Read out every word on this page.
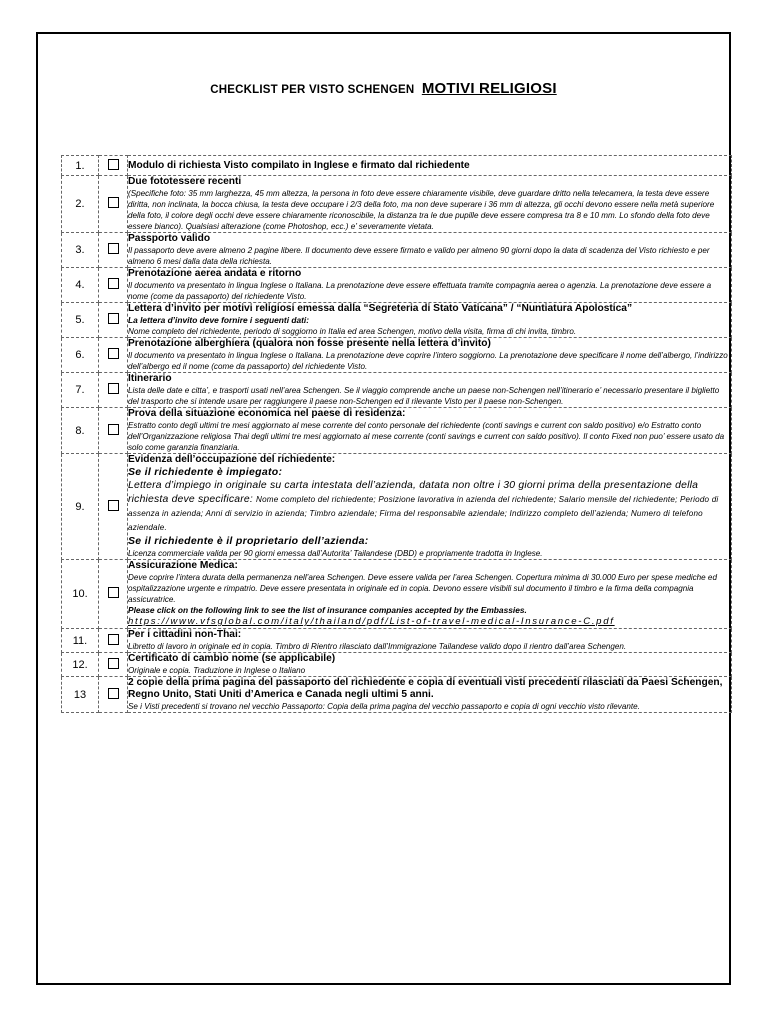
CHECKLIST PER VISTO SCHENGEN MOTIVI RELIGIOSI
1.		Modulo di richiesta Visto compilato in Inglese e firmato dal richiedente

2.		Due fototessere recenti
(Specifiche foto: 35 mm larghezza, 45 mm altezza, la persona in foto deve essere chiaramente visibile, deve guardare dritto nella telecamera, la testa deve essere diritta, non inclinata, la bocca chiusa, la testa deve occupare i 2/3 della foto, ma non deve superare i 36 mm di altezza, gli occhi devono essere nella metà superiore della foto, il colore degli occhi deve essere chiaramente riconoscibile, la distanza tra le due pupille deve essere compresa tra 8 e 10 mm. Lo sfondo della foto deve essere bianco). Qualsiasi alterazione (come Photoshop, ecc.) e’ severamente vietata.

3.		Passporto valido
Il passaporto deve avere almeno 2 pagine libere. Il documento deve essere firmato e valido per almeno 90 giorni dopo la data di scadenza del Visto richiesto e per almeno 6 mesi dalla data della richiesta.

4.		Prenotazione aerea andata e ritorno
Il documento va presentato in lingua Inglese o Italiana. La prenotazione deve essere effettuata tramite compagnia aerea o agenzia. La prenotazione deve essere a nome (come da passaporto) del richiedente Visto.

5.		Lettera d’invito per motivi religiosi emessa dalla “Segreteria di Stato Vaticana” / “Nuntiatura Apolostica”
La lettera d’invito deve fornire i seguenti dati:
Nome completo del richiedente, periodo di soggiorno in Italia ed area Schengen, motivo della visita, firma di chi invita, timbro.

6.		Prenotazione alberghiera (qualora non fosse presente nella lettera d’invito)
Il documento va presentato in lingua Inglese o Italiana. La prenotazione deve coprire l’intero soggiorno. La prenotazione deve specificare il nome dell’albergo, l’indirizzo dell’albergo ed il nome (come da passaporto) del richiedente Visto.

7.		Itinerario
Lista delle date e citta’, e trasporti usati nell’area Schengen. Se il viaggio comprende anche un paese non-Schengen nell’itinerario e’ necessario presentare il biglietto del trasporto che si intende usare per raggiungere il paese non-Schengen ed il rilevante Visto per il paese non-Schengen.

8.		Prova della situazione economica nel paese di residenza:
Estratto conto degli ultimi tre mesi aggiornato al mese corrente del conto personale del richiedente (conti savings e current con saldo positivo) e/o Estratto conto dell’Organizzazione religiosa Thai degli ultimi tre mesi aggiornato al mese corrente (conti savings e current con saldo positivo). Il conto Fixed non puo’ essere usato da solo come garanzia finanziaria.

9.		Evidenza dell’occupazione del richiedente:
Se il richiedente è impiegato:
Lettera d’impiego in originale su carta intestata dell’azienda, datata non oltre i 30 giorni prima della presentazione della richiesta deve specificare: Nome completo del richiedente; Posizione lavorativa in azienda del richiedente; Salario mensile del richiedente; Periodo di assenza in azienda; Anni di servizio in azienda; Timbro aziendale; Firma del responsabile aziendale; Indirizzo completo dell’azienda; Numero di telefono aziendale.
Se il richiedente è il proprietario dell’azienda:
Licenza commerciale valida per 90 giorni emessa dall’Autorita’ Tailandese (DBD) e propriamente tradotta in Inglese.

10.		Assicurazione Medica:
Deve coprire l’intera durata della permanenza nell’area Schengen. Deve essere valida per l’area Schengen. Copertura minima di 30.000 Euro per spese mediche ed ospitalizzazione urgente e rimpatrio. Deve essere presentata in originale ed in copia. Devono essere visibili sul documento il timbro e la firma della compagnia assicuratrice.
Please click on the following link to see the list of insurance companies accepted by the Embassies.
https://www.vfsglobal.com/italy/thailand/pdf/List-of-travel-medical-Insurance-C.pdf

11.		Per i cittadini non-Thai:
Libretto di lavoro in originale ed in copia. Timbro di Rientro rilasciato dall’Immigrazione Tailandese valido dopo il rientro dall’area Schengen.

12.		Certificato di cambio nome (se applicabile)
Originale e copia. Traduzione in Inglese o Italiano

13		2 copie della prima pagina del passaporto del richiedente e copia di eventuali visti precedenti rilasciati da Paesi Schengen, Regno Unito, Stati Uniti d’America e Canada negli ultimi 5 anni.
Se i Visti precedenti si trovano nel vecchio Passaporto: Copia della prima pagina del vecchio passaporto e copia di ogni vecchio visto rilevante.
